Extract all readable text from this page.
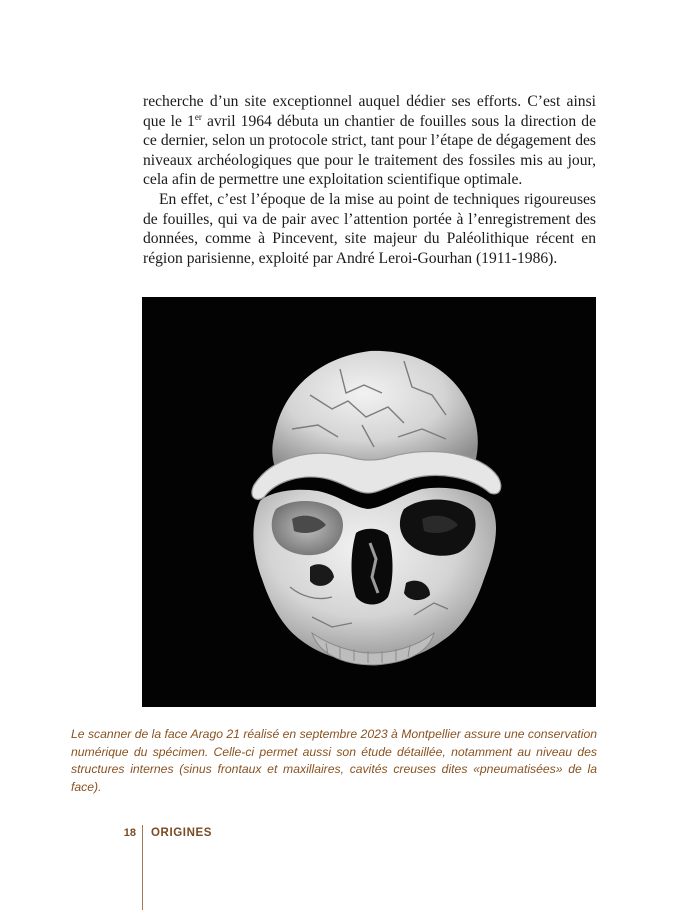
recherche d’un site exceptionnel auquel dédier ses efforts. C’est ainsi que le 1er avril 1964 débuta un chantier de fouilles sous la direction de ce dernier, selon un protocole strict, tant pour l’étape de dégagement des niveaux archéologiques que pour le traitement des fossiles mis au jour, cela afin de permettre une exploitation scientifique optimale.

En effet, c’est l’époque de la mise au point de techniques rigoureuses de fouilles, qui va de pair avec l’attention portée à l’enregistrement des données, comme à Pincevent, site majeur du Paléolithique récent en région parisienne, exploité par André Leroi-Gourhan (1911-1986).

Le scanner de la face Arago 21 réalisé en septembre 2023 à Montpellier assure une conservation numérique du spécimen. Celle-ci permet aussi son étude détaillée, notamment au niveau des structures internes (sinus frontaux et maxillaires, cavités creuses dites «pneumatisées» de la face).

18 ORIGINES
